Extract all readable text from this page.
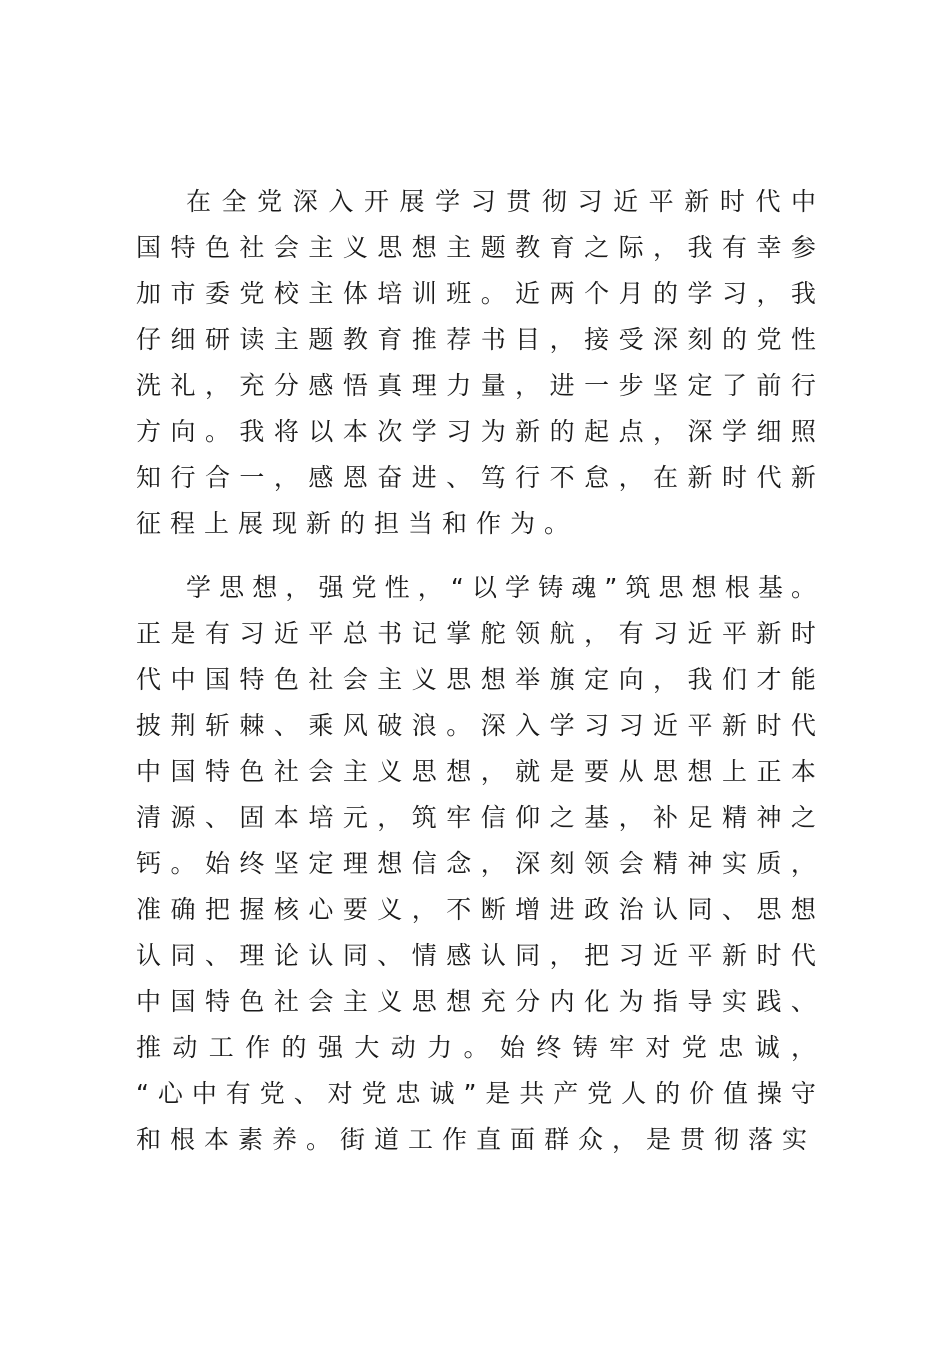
在全党深入开展学习贯彻习近平新时代中
国特色社会主义思想主题教育之际，我有幸参
加市委党校主体培训班。近两个月的学习，我
仔细研读主题教育推荐书目，接受深刻的党性
洗礼，充分感悟真理力量，进一步坚定了前行
方向。我将以本次学习为新的起点，深学细照
知行合一，感恩奋进、笃行不怠，在新时代新
征程上展现新的担当和作为。
学思想，强党性，“以学铸魂”筑思想根基。
正是有习近平总书记掌舵领航，有习近平新时
代中国特色社会主义思想举旗定向，我们才能
披荆斩棘、乘风破浪。深入学习习近平新时代
中国特色社会主义思想，就是要从思想上正本
清源、固本培元，筑牢信仰之基，补足精神之
钙。始终坚定理想信念，深刻领会精神实质，
准确把握核心要义，不断增进政治认同、思想
认同、理论认同、情感认同，把习近平新时代
中国特色社会主义思想充分内化为指导实践、
推动工作的强大动力。始终铸牢对党忠诚，
“心中有党、对党忠诚”是共产党人的价值操守
和根本素养。街道工作直面群众，是贯彻落实
